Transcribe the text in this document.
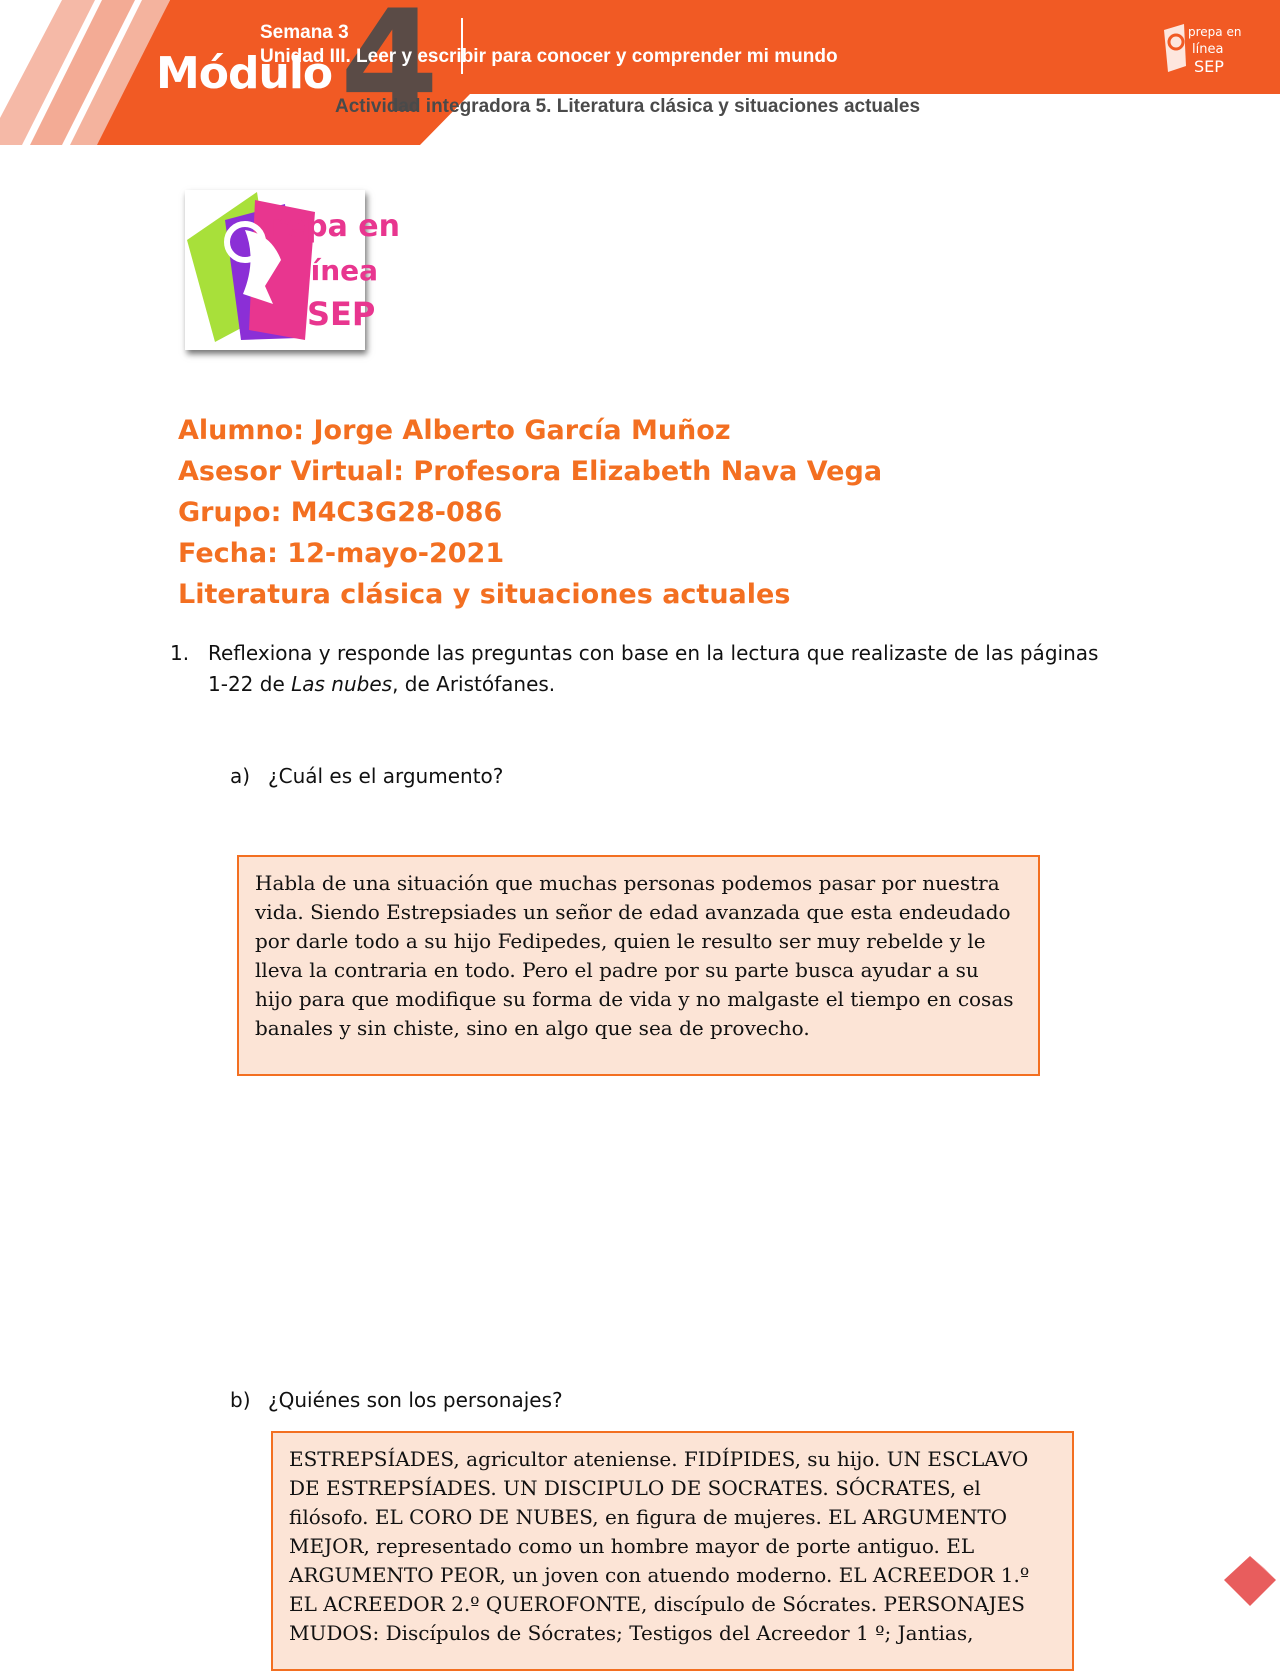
4
Módulo
Semana 3
Unidad III. Leer y escribir para conocer y comprender mi mundo
Actividad integradora 5. Literatura clásica y situaciones actuales
prepa en
línea
SEP
repa en
línea
SEP
Alumno: Jorge Alberto García Muñoz
Asesor Virtual: Profesora Elizabeth Nava Vega
Grupo: M4C3G28-086
Fecha: 12-mayo-2021
Literatura clásica y situaciones actuales
1. Reflexiona y responde las preguntas con base en la lectura que realizaste de las páginas 1-22 de Las nubes, de Aristófanes.
a) ¿Cuál es el argumento?
Habla de una situación que muchas personas podemos pasar por nuestra vida. Siendo Estrepsiades un señor de edad avanzada que esta endeudado por darle todo a su hijo Fedipedes, quien le resulto ser muy rebelde y le lleva la contraria en todo. Pero el padre por su parte busca ayudar a su hijo para que modifique su forma de vida y no malgaste el tiempo en cosas banales y sin chiste, sino en algo que sea de provecho.
b) ¿Quiénes son los personajes?
ESTREPSÍADES, agricultor ateniense. FIDÍPIDES, su hijo. UN ESCLAVO DE ESTREPSÍADES. UN DISCIPULO DE SOCRATES. SÓCRATES, el filósofo. EL CORO DE NUBES, en figura de mujeres. EL ARGUMENTO MEJOR, representado como un hombre mayor de porte antiguo. EL ARGUMENTO PEOR, un joven con atuendo moderno. EL ACREEDOR 1.º EL ACREEDOR 2.º QUEROFONTE, discípulo de Sócrates. PERSONAJES MUDOS: Discípulos de Sócrates; Testigos del Acreedor 1 º; Jantias,
